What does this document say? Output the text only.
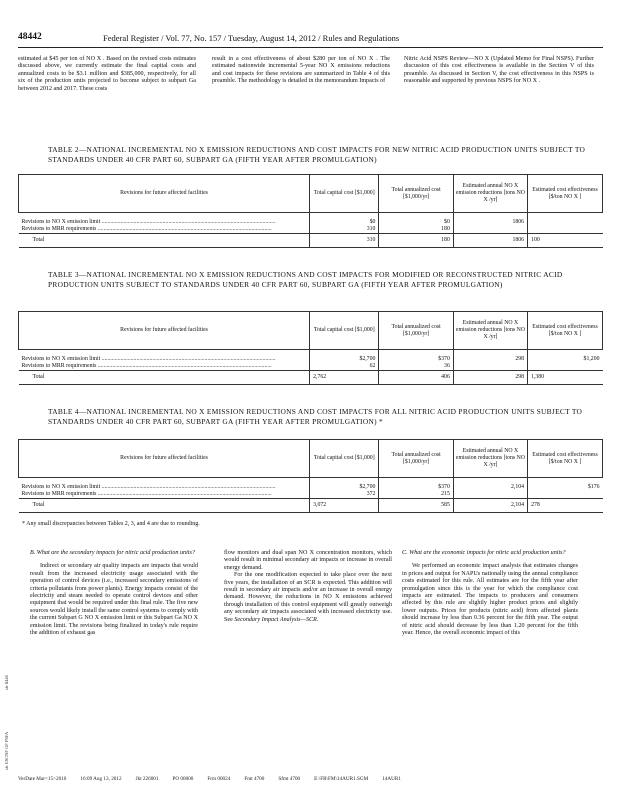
48442	Federal Register / Vol. 77, No. 157 / Tuesday, August 14, 2012 / Rules and Regulations

estimated at $45 per ton of NO X . Based on the revised costs estimates discussed above, we currently estimate the final capital costs and annualized costs to be $3.1 million and $385,000, respectively, for all six of the production units projected to become subject to subpart Ga between 2012 and 2017. These costs

result in a cost effectiveness of about $280 per ton of NO X . The estimated nationwide incremental 5-year NO X emissions reductions and cost impacts for these revisions are summarized in Table 4 of this preamble. The methodology is detailed in the memorandum Impacts of

Nitric Acid NSPS Review—NO X (Updated Memo for Final NSPS). Further discussion of this cost effectiveness is available in the Section V of this preamble. As discussed in Section V, the cost effectiveness in this NSPS is reasonable and supported by previous NSPS for NO X .

TABLE 2—NATIONAL INCREMENTAL NO X EMISSION REDUCTIONS AND COST IMPACTS FOR NEW NITRIC ACID PRODUCTION UNITS SUBJECT TO STANDARDS UNDER 40 CFR PART 60, SUBPART GA (FIFTH YEAR AFTER PROMULGATION)
Revisions for future affected facilities	Total capital cost [$1,000]	Total annualized cost [$1,000/yr]	Estimated annual NO X emission reductions [tons NO X /yr]	Estimated cost effectiveness [$/ton NO X ]
Revisions to NO X emission limit ........................................................................................................................	$0	$0	1806	
Revisions to MRR requirements ........................................................................................................................	310	180		
Total	310	180	1806	100
TABLE 3—NATIONAL INCREMENTAL NO X EMISSION REDUCTIONS AND COST IMPACTS FOR MODIFIED OR RECONSTRUCTED NITRIC ACID PRODUCTION UNITS SUBJECT TO STANDARDS UNDER 40 CFR PART 60, SUBPART GA (FIFTH YEAR AFTER PROMULGATION)
Revisions for future affected facilities	Total capital cost [$1,000]	Total annualized cost [$1,000/yr]	Estimated annual NO X emission reductions [tons NO X /yr]	Estimated cost effectiveness [$/ton NO X ]
Revisions to NO X emission limit ........................................................................................................................	$2,700	$370	298	$1,200
Revisions to MRR requirements ........................................................................................................................	62	36		
Total	2,762	406	298	1,380
TABLE 4—NATIONAL INCREMENTAL NO X EMISSION REDUCTIONS AND COST IMPACTS FOR ALL NITRIC ACID PRODUCTION UNITS SUBJECT TO STANDARDS UNDER 40 CFR PART 60, SUBPART GA (FIFTH YEAR AFTER PROMULGATION) *
Revisions for future affected facilities	Total capital cost [$1,000]	Total annualized cost [$1,000/yr]	Estimated annual NO X emission reductions [tons NO X /yr]	Estimated cost effectiveness [$/ton NO X ]
Revisions to NO X emission limit ........................................................................................................................	$2,700	$370	2,104	$176
Revisions to MRR requirements ........................................................................................................................	372	215		
Total	3,072	585	2,104	278
* Any small discrepancies between Tables 2, 3, and 4 are due to rounding.

B. What are the secondary impacts for nitric acid production units?

Indirect or secondary air quality impacts are impacts that would result from the increased electricity usage associated with the operation of control devices (i.e., increased secondary emissions of criteria pollutants from power plants). Energy impacts consist of the electricity and steam needed to operate control devices and other equipment that would be required under this final rule. The five new sources would likely install the same control systems to comply with the current Subpart G NO X emission limit or this Subpart Ga NO X emission limit. The revisions being finalized in today's rule require the addition of exhaust gas

flow monitors and dual span NO X concentration monitors, which would result in minimal secondary air impacts or increase in overall energy demand.

For the one modification expected to take place over the next five years, the installation of an SCR is expected. This addition will result in secondary air impacts and/or an increase in overall energy demand. However, the reductions in NO X emissions achieved through installation of this control equipment will greatly outweigh any secondary air impacts associated with increased electricity use. See Secondary Impact Analysis—SCR.

C. What are the economic impacts for nitric acid production units?

We performed an economic impact analysis that estimates changes in prices and output for NAPUs nationally using the annual compliance costs estimated for this rule. All estimates are for the fifth year after promulgation since this is the year for which the compliance cost impacts are estimated. The impacts to producers and consumers affected by this rule are slightly higher product prices and slightly lower outputs. Prices for products (nitric acid) from affected plants should increase by less than 0.36 percent for the fifth year. The output of nitric acid should decrease by less than 1.20 percent for the fifth year. Hence, the overall economic impact of this

sfr 8446
sfr ESCNF GF PSFA
VerDate Mar<15>2010	16:09 Aug 13, 2012	Jkt 226001	PO 00000	Frm 00024	Fmt 4700	Sfmt 4700	E:\FR\FM\14AUR1.SGM	14AUR1
